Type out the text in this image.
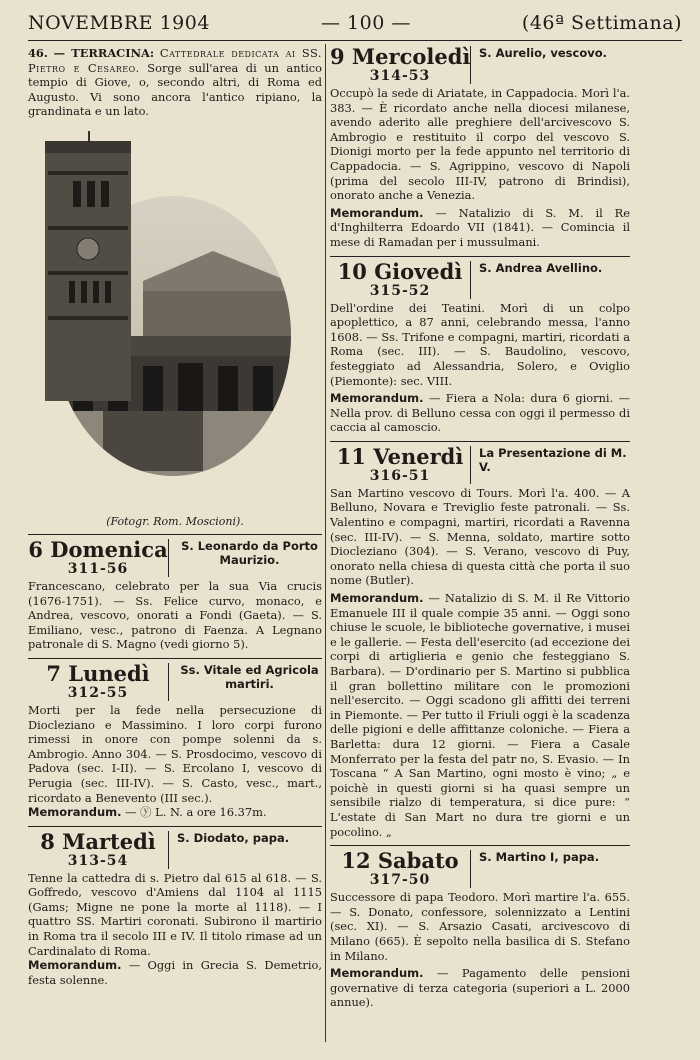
NOVEMBRE 1904	— 100 —	(46ª Settimana)

46. — TERRACINA: Cattedrale dedicata ai SS. Pietro e Cesareo. Sorge sull'area di un antico tempio di Giove, o, secondo altri, di Roma ed Augusto. Vi sono ancora l'antico ripiano, la grandinata e un lato.

(Fotogr. Rom. Moscioni).

6 Domenica
311-56
S. Leonardo da Porto Maurizio.

Francescano, celebrato per la sua Via crucis (1676-1751). — Ss. Felice curvo, monaco, e Andrea, vescovo, onorati a Fondi (Gaeta). — S. Emiliano, vesc., patrono di Faenza. A Legnano patronale di S. Magno (vedi giorno 5).

7 Lunedì
312-55
Ss. Vitale ed Agricola martiri.

Morti per la fede nella persecuzione di Diocleziano e Massimino. I loro corpi furono rimessi in onore con pompe solenni da s. Ambrogio. Anno 304. — S. Prosdocimo, vescovo di Padova (sec. I-II). — S. Ercolano I, vescovo di Perugia (sec. III-IV). — S. Casto, vesc., mart., ricordato a Benevento (III sec.).

Memorandum. — ⓨ L. N. a ore 16.37m.

8 Martedì
313-54
S. Diodato, papa.

Tenne la cattedra di s. Pietro dal 615 al 618. — S. Goffredo, vescovo d'Amiens dal 1104 al 1115 (Gams; Migne ne pone la morte al 1118). — I quattro SS. Martiri coronati. Subirono il martirio in Roma tra il secolo III e IV. Il titolo rimase ad un Cardinalato di Roma.

Memorandum. — Oggi in Grecia S. Demetrio, festa solenne.

9 Mercoledì
314-53
S. Aurelio, vescovo.

Occupò la sede di Ariatate, in Cappadocia. Morì l'a. 383. — È ricordato anche nella diocesi milanese, avendo aderito alle preghiere dell'arcivescovo S. Ambrogio e restituito il corpo del vescovo S. Dionigi morto per la fede appunto nel territorio di Cappadocia. — S. Agrippino, vescovo di Napoli (prima del secolo III-IV, patrono di Brindisi), onorato anche a Venezia.

Memorandum. — Natalizio di S. M. il Re d'Inghilterra Edoardo VII (1841). — Comincia il mese di Ramadan per i mussulmani.

10 Giovedì
315-52
S. Andrea Avellino.

Dell'ordine dei Teatini. Morì di un colpo apoplettico, a 87 anni, celebrando messa, l'anno 1608. — Ss. Trifone e compagni, martiri, ricordati a Roma (sec. III). — S. Baudolino, vescovo, festeggiato ad Alessandria, Solero, e Oviglio (Piemonte): sec. VIII.

Memorandum. — Fiera a Nola: dura 6 giorni. — Nella prov. di Belluno cessa con oggi il permesso di caccia al camoscio.

11 Venerdì
316-51
La Presentazione di M. V.

San Martino vescovo di Tours. Morì l'a. 400. — A Belluno, Novara e Treviglio feste patronali. — Ss. Valentino e compagni, martiri, ricordati a Ravenna (sec. III-IV). — S. Menna, soldato, martire sotto Diocleziano (304). — S. Verano, vescovo di Puy, onorato nella chiesa di questa città che porta il suo nome (Butler).

Memorandum. — Natalizio di S. M. il Re Vittorio Emanuele III il quale compie 35 anni. — Oggi sono chiuse le scuole, le biblioteche governative, i musei e le gallerie. — Festa dell'esercito (ad eccezione dei corpi di artiglieria e genio che festeggiano S. Barbara). — D'ordinario per S. Martino si pubblica il gran bollettino militare con le promozioni nell'esercito. — Oggi scadono gli affitti dei terreni in Piemonte. — Per tutto il Friuli oggi è la scadenza delle pigioni e delle affittanze coloniche. — Fiera a Barletta: dura 12 giorni. — Fiera a Casale Monferrato per la festa del patr no, S. Evasio. — In Toscana “ A San Martino, ogni mosto è vino; „ e poichè in questi giorni si ha quasi sempre un sensibile rialzo di temperatura, si dice pure: “ L'estate di San Mart no dura tre giorni e un pocolino. „

12 Sabato
317-50
S. Martino I, papa.

Successore di papa Teodoro. Morì martire l'a. 655. — S. Donato, confessore, solennizzato a Lentini (sec. XI). — S. Arsazio Casati, arcivescovo di Milano (665). È sepolto nella basilica di S. Stefano in Milano.

Memorandum. — Pagamento delle pensioni governative di terza categoria (superiori a L. 2000 annue).
